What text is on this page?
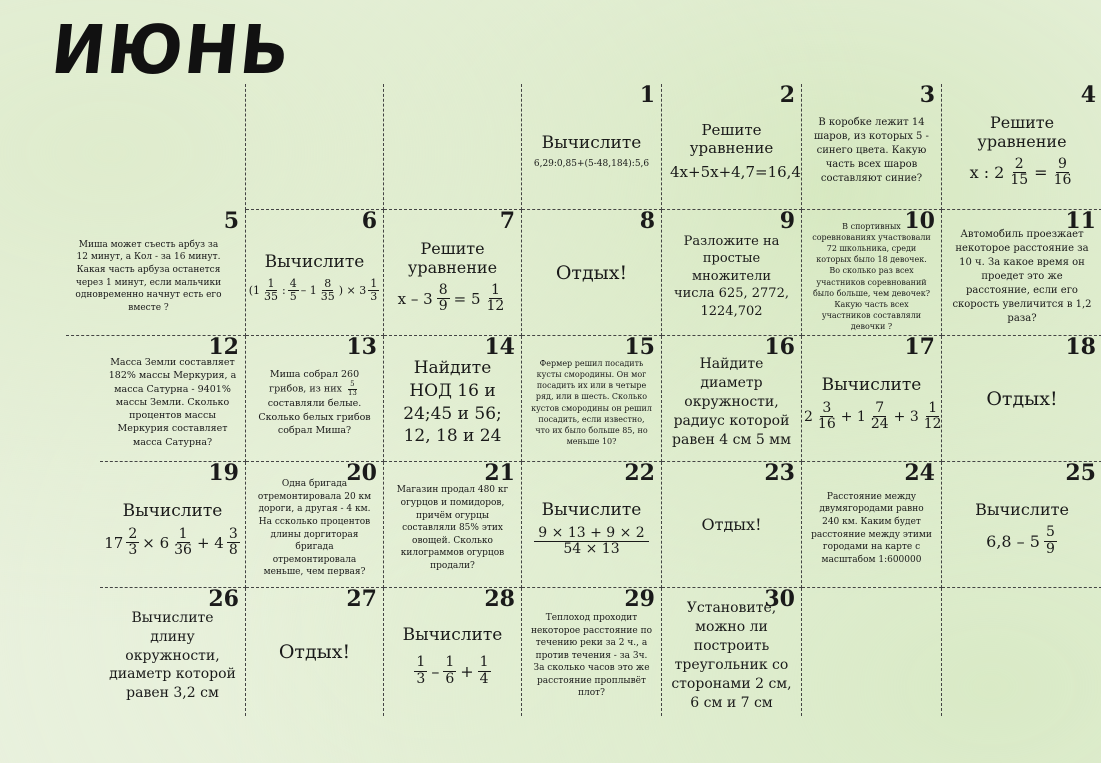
ИЮНЬ
1
Вычислите
6,29:0,85+(5-48,184):5,6
2
Решите уравнение
4x+5x+4,7=16,4
3
В коробке лежит 14 шаров, из которых 5 - синего цвета. Какую часть всех шаров составляют синие?
4
Решите уравнение
x : $2 \frac{2}{15} = \frac{9}{16}$
5
Миша может съесть арбуз за 12 минут, а Кол - за 16 минут. Какая часть арбуза останется через 1 минут, если мальчики одновременно начнут есть его вместе ?
6
Вычислите
($1 \frac{1}{35}$ : $\frac{4}{5} - 1 \frac{8}{35}$ ) × $3 \frac{1}{3}$
7
Решите уравнение
$x - 3 \frac{8}{9} = 5 \frac{1}{12}$
8
Отдых!
9
Разложите на простые множители числа 625, 2772, 1224,702
10
В спортивных соревнованиях участвовали 72 школьника, среди которых было 18 девочек. Во сколько раз всех участников соревнований было больше, чем девочек? Какую часть всех участников составляли девочки ?
11
Автомобиль проезжает некоторое расстояние за 10 ч. За какое время он проедет это же расстояние, если его скорость увеличится в 1,2 раза?
12
Масса Земли составляет 182% массы Меркурия, а масса Сатурна - 9401% массы Земли. Сколько процентов массы Меркурия составляет масса Сатурна?
13
Миша собрал 260 грибов, из них $\frac{5}{13}$
составляли белые. Сколько белых грибов собрал Миша?
14
Найдите НОД 16 и 24;45 и 56; 12, 18 и 24
15
Фермер решил посадить кусты смородины. Он мог посадить их или в четыре ряд, или в шесть. Сколько кустов смородины он решил посадить, если известно, что их было больше 85, но меньше 10?
16
Найдите диаметр окружности, радиус которой равен 4 см 5 мм
17
Вычислите
$2 \frac{3}{16} + 1 \frac{7}{24} + 3 \frac{1}{12}$
18
Отдых!
19
Вычислите
$17 \frac{2}{3} \times 6 \frac{1}{36} + 4 \frac{3}{8}$
20
Одна бригада отремонтировала 20 км дороги, а другая - 4 км. На ссколько процентов длины доргиторая бригада отремонтировала меньше, чем первая?
21
Магазин продал 480 кг огурцов и помидоров, причём огурцы составляли 85% этих овощей. Сколько килограммов огурцов продали?
22
Вычислите
$\frac{9 \times 13 + 9 \times 2}{54 \times 13}$
23
Отдых!
24
Расстояние между двумягородами равно 240 км. Каким будет расстояние между этими городами на карте с масштабом 1:600000
25
Вычислите
$6,8 - 5 \frac{5}{9}$
26
Вычислите длину окружности, диаметр которой равен 3,2 см
27
Отдых!
28
Вычислите
$\frac{1}{3} - \frac{1}{6} + \frac{1}{4}$
29
Теплоход проходит некоторое расстояние по течению реки за 2 ч., а против течения - за 3ч. За сколько часов это же расстояние проплывёт плот?
30
Установите, можно ли построить треугольник со сторонами 2 см, 6 см и 7 см
